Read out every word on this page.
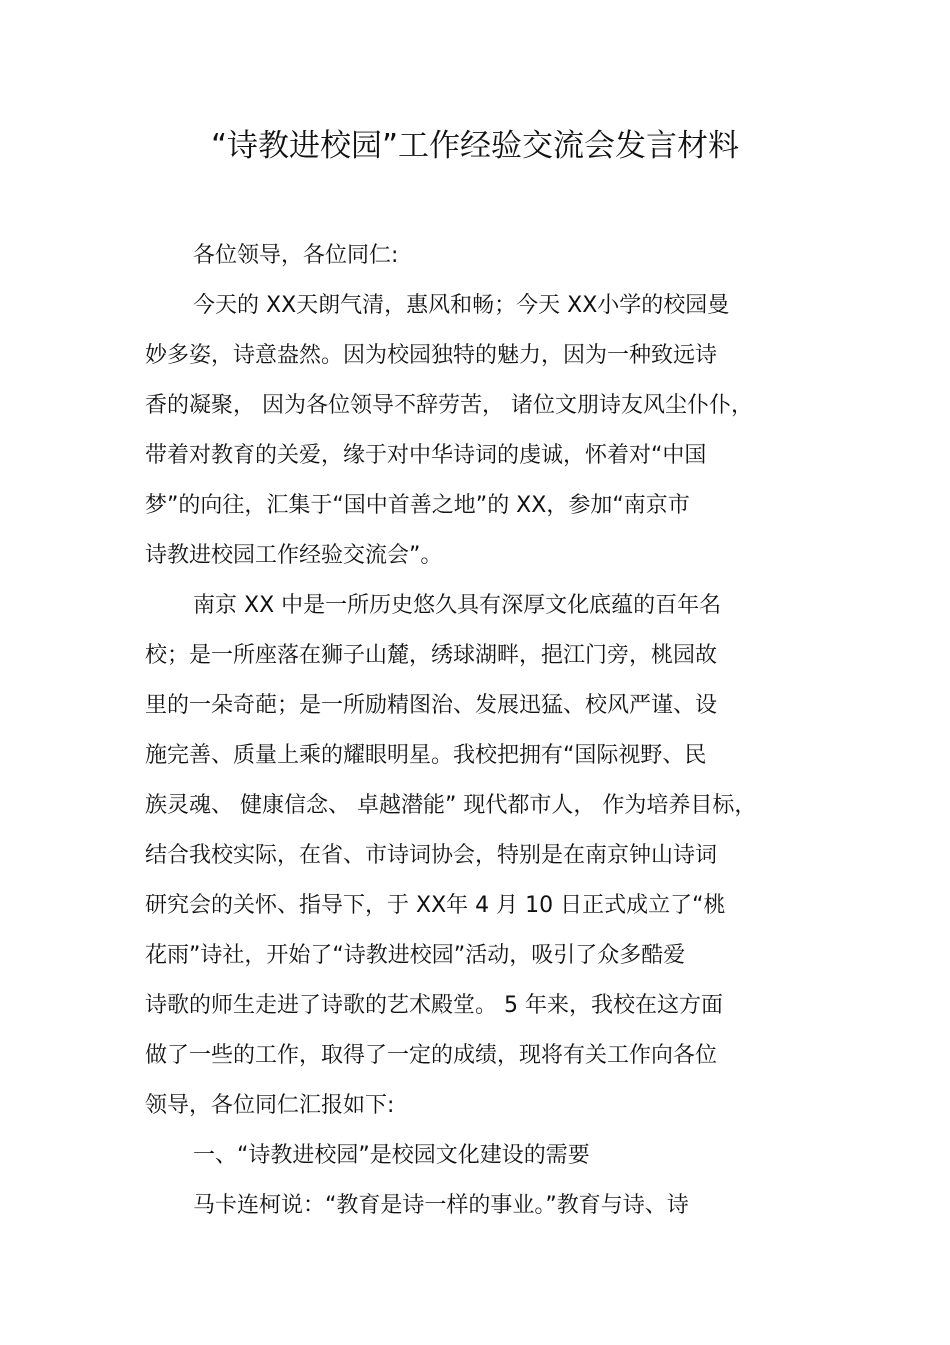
“诗教进校园”工作经验交流会发言材料
各位领导，各位同仁:
今天的 XX天朗气清，惠风和畅；今天 XX小学的校园曼
妙多姿，诗意盎然。因为校园独特的魅力，因为一种致远诗
香的凝聚， 因为各位领导不辞劳苦， 诸位文朋诗友风尘仆仆，
带着对教育的关爱，缘于对中华诗词的虔诚，怀着对“中国
梦”的向往，汇集于“国中首善之地”的 XX，参加“南京市
诗教进校园工作经验交流会”。
南京 XX 中是一所历史悠久具有深厚文化底蕴的百年名
校；是一所座落在狮子山麓，绣球湖畔，挹江门旁，桃园故
里的一朵奇葩；是一所励精图治、发展迅猛、校风严谨、设
施完善、质量上乘的耀眼明星。我校把拥有“国际视野、民
族灵魂、 健康信念、 卓越潜能” 现代都市人， 作为培养目标，
结合我校实际，在省、市诗词协会，特别是在南京钟山诗词
研究会的关怀、指导下，于 XX年 4 月 10 日正式成立了“桃
花雨”诗社，开始了“诗教进校园”活动，吸引了众多酷爱
诗歌的师生走进了诗歌的艺术殿堂。 5 年来，我校在这方面
做了一些的工作，取得了一定的成绩，现将有关工作向各位
领导，各位同仁汇报如下:
一、“诗教进校园”是校园文化建设的需要
马卡连柯说：“教育是诗一样的事业。”教育与诗、诗
